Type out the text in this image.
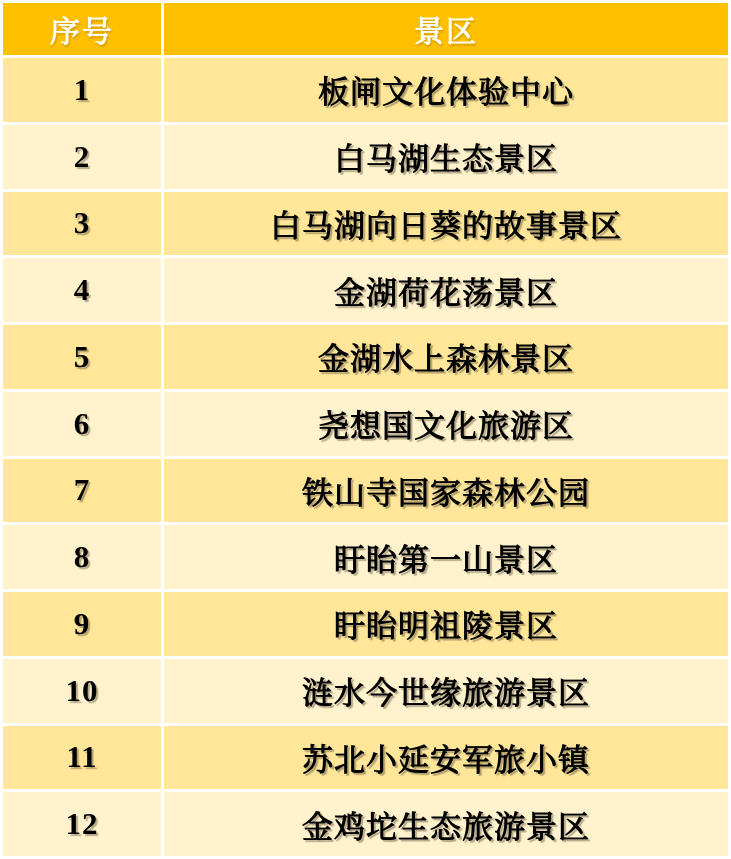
序号	景区
1	板闸文化体验中心
2	白马湖生态景区
3	白马湖向日葵的故事景区
4	金湖荷花荡景区
5	金湖水上森林景区
6	尧想国文化旅游区
7	铁山寺国家森林公园
8	盱眙第一山景区
9	盱眙明祖陵景区
10	涟水今世缘旅游景区
11	苏北小延安军旅小镇
12	金鸡坨生态旅游景区
